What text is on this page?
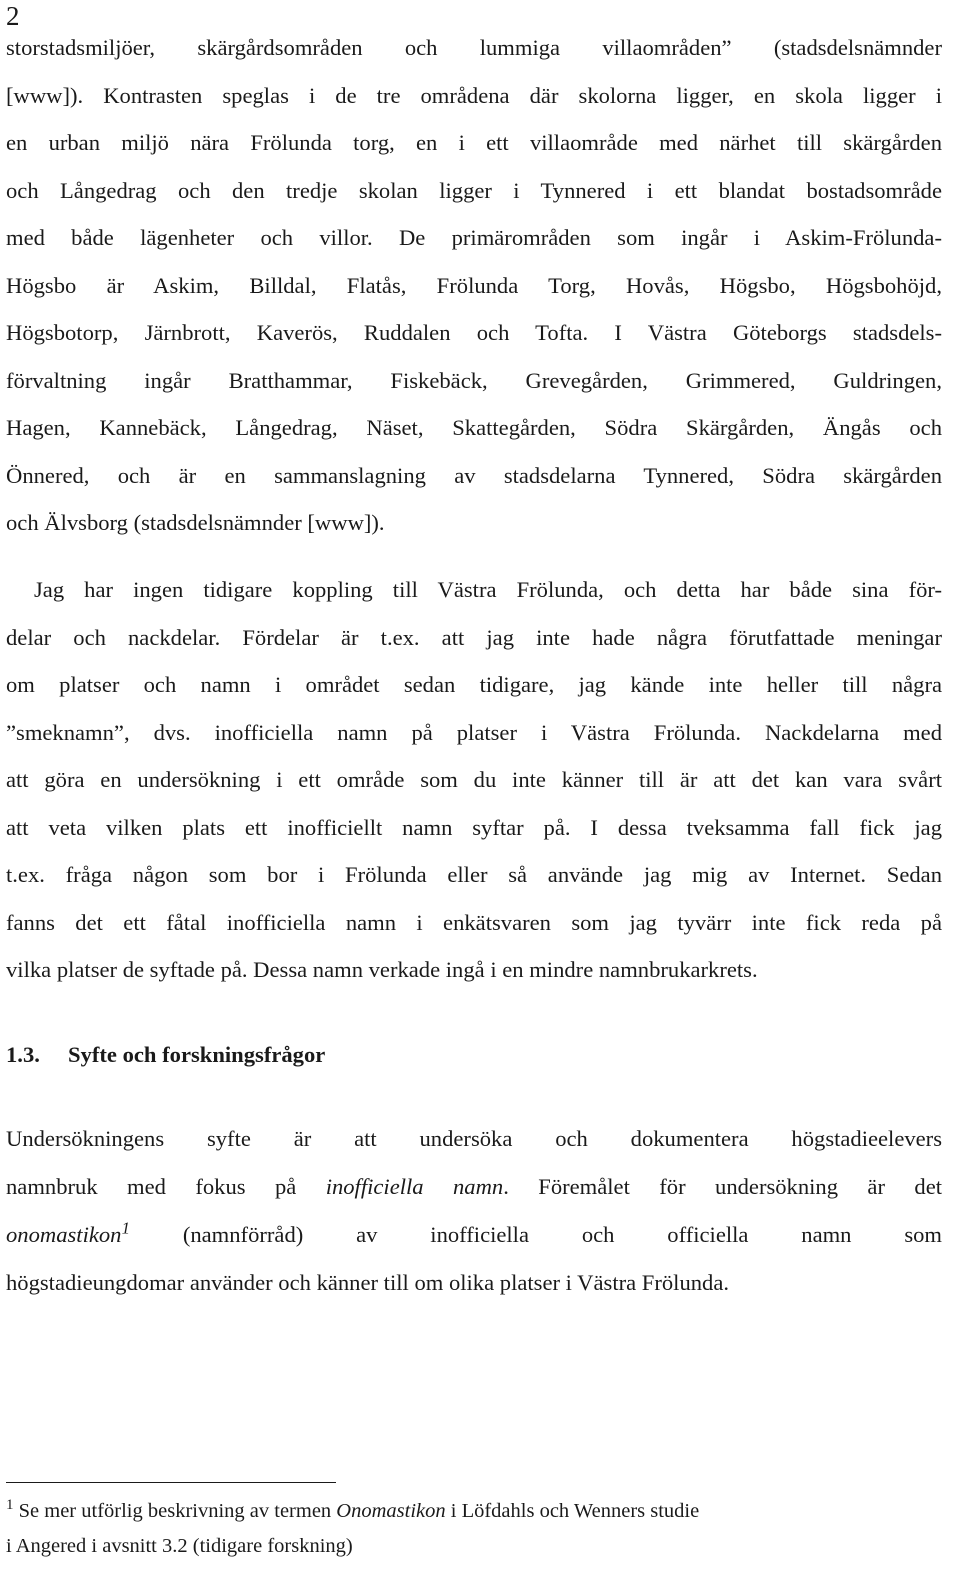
2
storstadsmiljöer, skärgårdsområden och lummiga villaområden” (stadsdelsnämnder
[www]). Kontrasten speglas i de tre områdena där skolorna ligger, en skola ligger i
en urban miljö nära Frölunda torg, en i ett villaområde med närhet till skärgården
och Långedrag och den tredje skolan ligger i Tynnered i ett blandat bostadsområde
med både lägenheter och villor. De primärområden som ingår i Askim-Frölunda-
Högsbo är Askim, Billdal, Flatås, Frölunda Torg, Hovås, Högsbo, Högsbohöjd,
Högsbotorp, Järnbrott, Kaverös, Ruddalen och Tofta. I Västra Göteborgs stadsdels-
förvaltning ingår Bratthammar, Fiskebäck, Grevegården, Grimmered, Guldringen,
Hagen, Kannebäck, Långedrag, Näset, Skattegården, Södra Skärgården, Ängås och
Önnered, och är en sammanslagning av stadsdelarna Tynnered, Södra skärgården
och Älvsborg (stadsdelsnämnder [www]).
Jag har ingen tidigare koppling till Västra Frölunda, och detta har både sina för-
delar och nackdelar. Fördelar är t.ex. att jag inte hade några förutfattade meningar
om platser och namn i området sedan tidigare, jag kände inte heller till några
”smeknamn”, dvs. inofficiella namn på platser i Västra Frölunda. Nackdelarna med
att göra en undersökning i ett område som du inte känner till är att det kan vara svårt
att veta vilken plats ett inofficiellt namn syftar på. I dessa tveksamma fall fick jag
t.ex. fråga någon som bor i Frölunda eller så använde jag mig av Internet. Sedan
fanns det ett fåtal inofficiella namn i enkätsvaren som jag tyvärr inte fick reda på
vilka platser de syftade på. Dessa namn verkade ingå i en mindre namnbrukarkrets.
1.3. Syfte och forskningsfrågor
Undersökningens syfte är att undersöka och dokumentera högstadieelevers
namnbruk med fokus på inofficiella namn. Föremålet för undersökning är det
onomastikon$^1$ (namnförråd) av inofficiella och officiella namn som
högstadieungdomar använder och känner till om olika platser i Västra Frölunda.
$^1$ Se mer utförlig beskrivning av termen Onomastikon i Löfdahls och Wenners studie
i Angered i avsnitt 3.2 (tidigare forskning)
